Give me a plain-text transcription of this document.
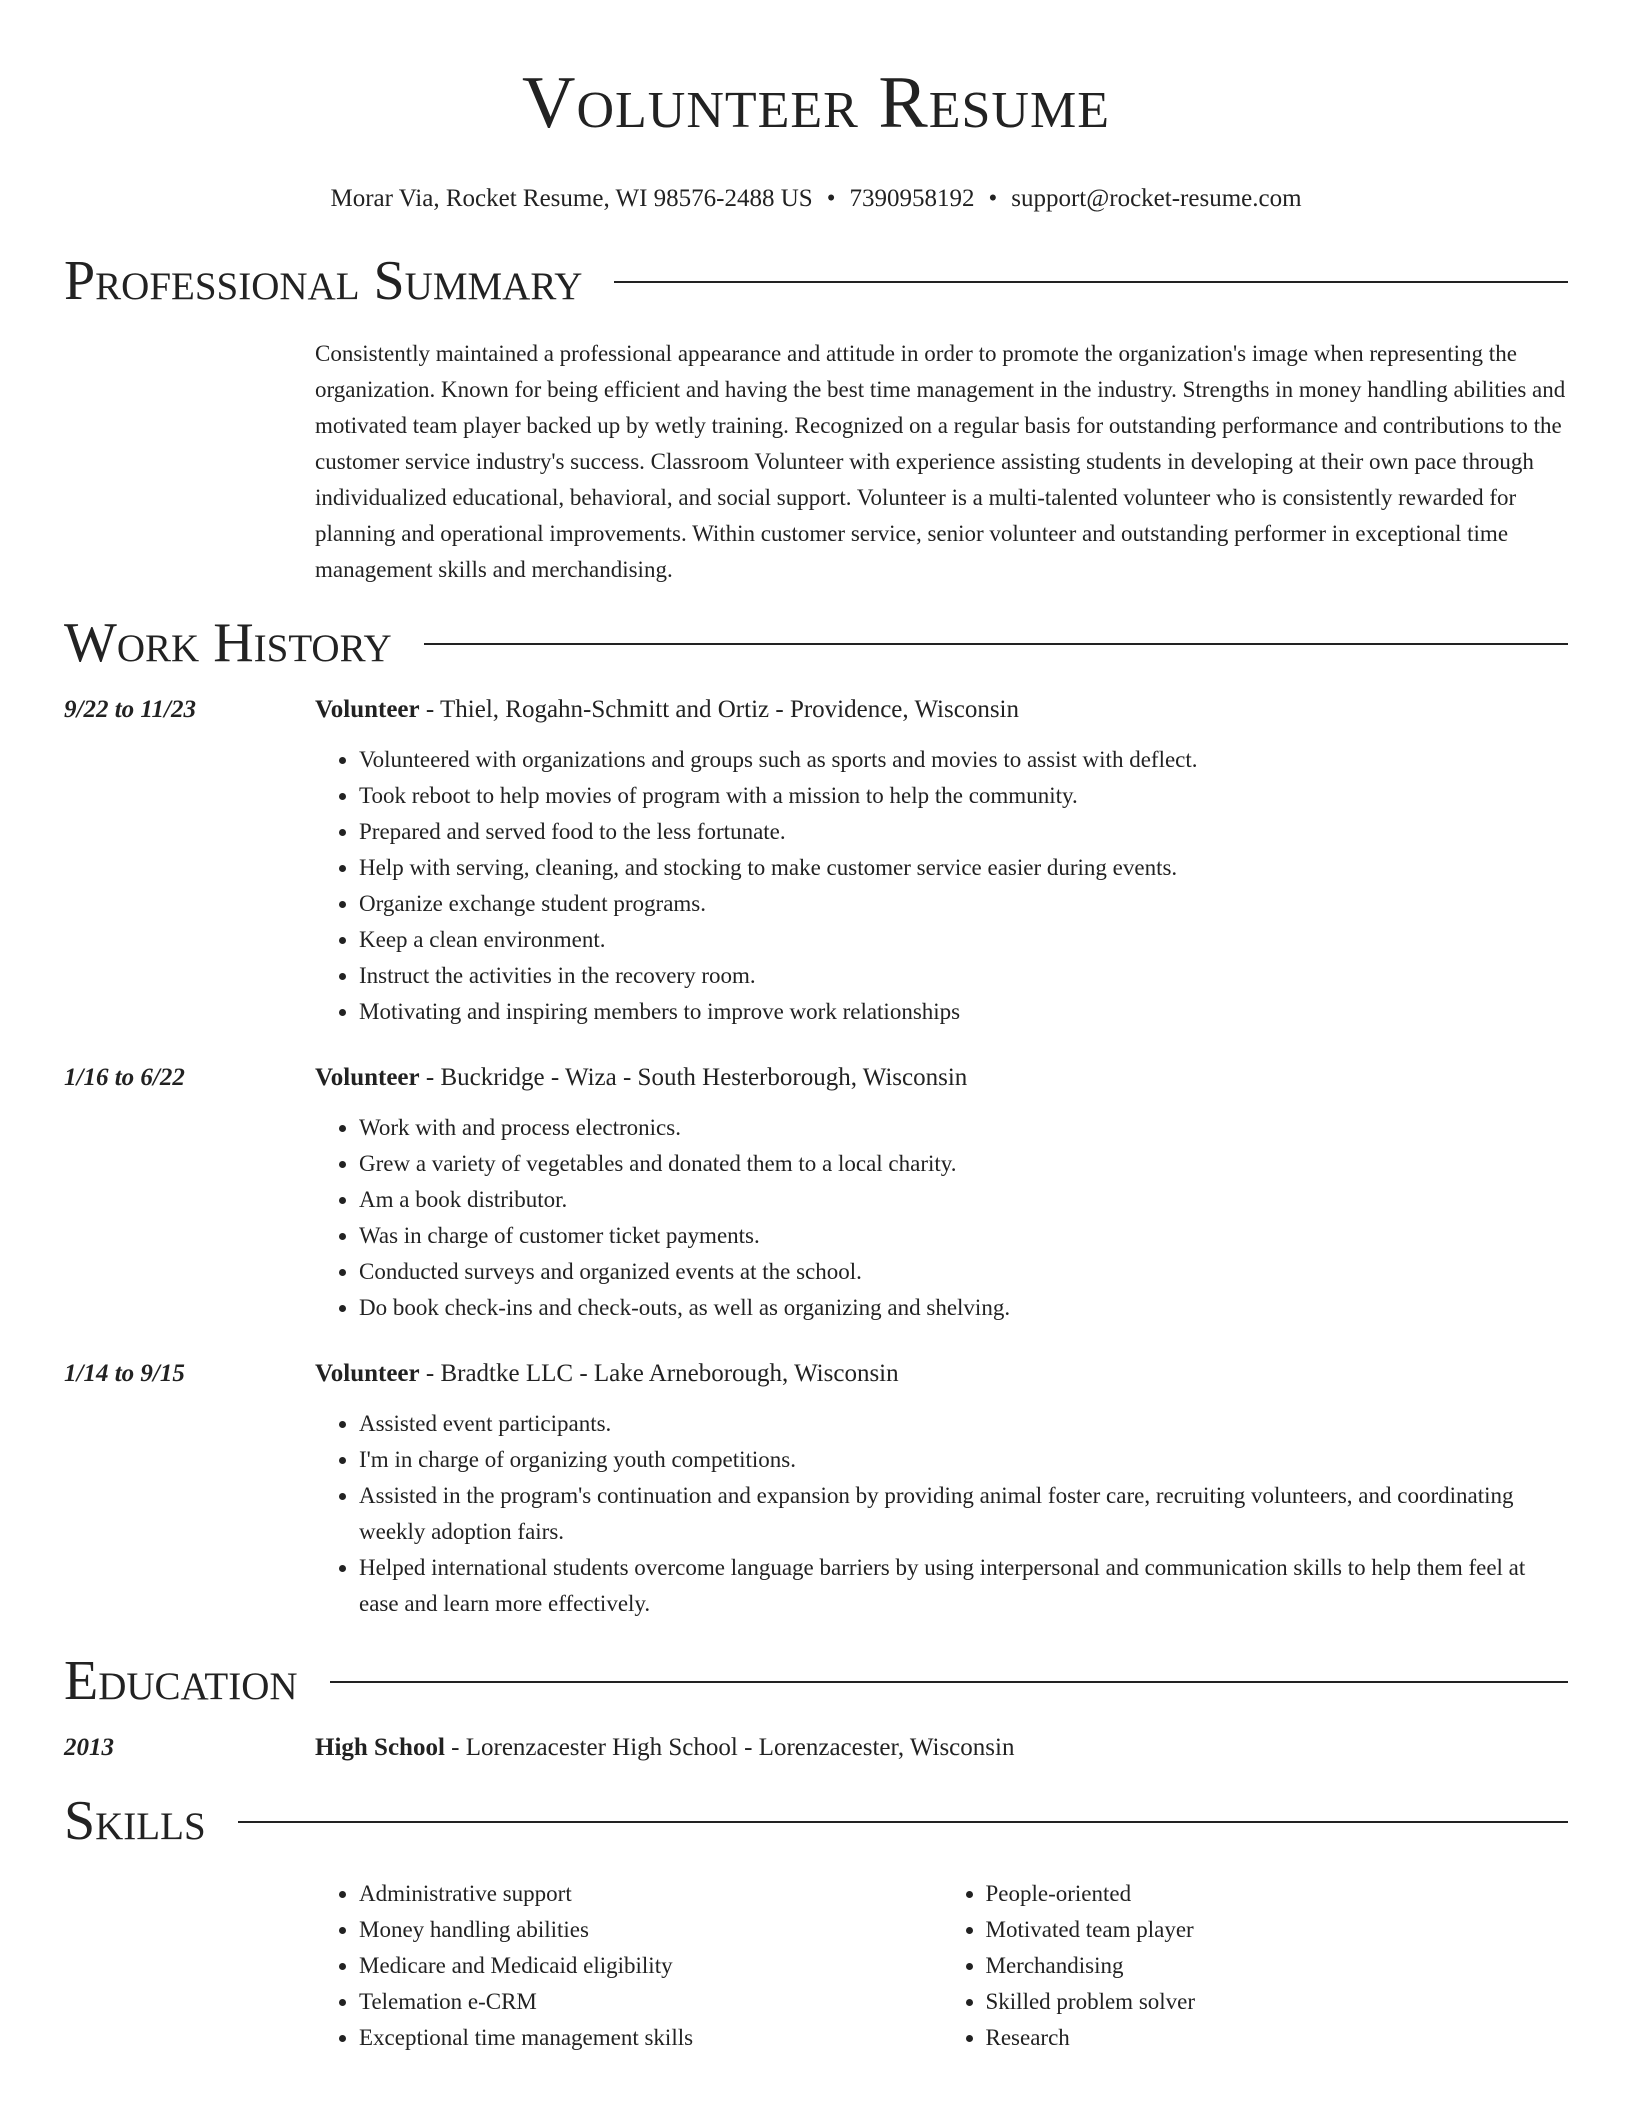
Volunteer Resume
Morar Via, Rocket Resume, WI 98576-2488 US • 7390958192 • support@rocket-resume.com
Professional Summary
Consistently maintained a professional appearance and attitude in order to promote the organization's image when representing the organization. Known for being efficient and having the best time management in the industry. Strengths in money handling abilities and motivated team player backed up by wetly training. Recognized on a regular basis for outstanding performance and contributions to the customer service industry's success. Classroom Volunteer with experience assisting students in developing at their own pace through individualized educational, behavioral, and social support. Volunteer is a multi-talented volunteer who is consistently rewarded for planning and operational improvements. Within customer service, senior volunteer and outstanding performer in exceptional time management skills and merchandising.
Work History
9/22 to 11/23	Volunteer - Thiel, Rogahn-Schmitt and Ortiz - Providence, Wisconsin
• Volunteered with organizations and groups such as sports and movies to assist with deflect.
• Took reboot to help movies of program with a mission to help the community.
• Prepared and served food to the less fortunate.
• Help with serving, cleaning, and stocking to make customer service easier during events.
• Organize exchange student programs.
• Keep a clean environment.
• Instruct the activities in the recovery room.
• Motivating and inspiring members to improve work relationships
1/16 to 6/22	Volunteer - Buckridge - Wiza - South Hesterborough, Wisconsin
• Work with and process electronics.
• Grew a variety of vegetables and donated them to a local charity.
• Am a book distributor.
• Was in charge of customer ticket payments.
• Conducted surveys and organized events at the school.
• Do book check-ins and check-outs, as well as organizing and shelving.
1/14 to 9/15	Volunteer - Bradtke LLC - Lake Arneborough, Wisconsin
• Assisted event participants.
• I'm in charge of organizing youth competitions.
• Assisted in the program's continuation and expansion by providing animal foster care, recruiting volunteers, and coordinating weekly adoption fairs.
• Helped international students overcome language barriers by using interpersonal and communication skills to help them feel at ease and learn more effectively.
Education
2013	High School - Lorenzacester High School - Lorenzacester, Wisconsin
Skills
• Administrative support
• Money handling abilities
• Medicare and Medicaid eligibility
• Telemation e-CRM
• Exceptional time management skills
• People-oriented
• Motivated team player
• Merchandising
• Skilled problem solver
• Research
